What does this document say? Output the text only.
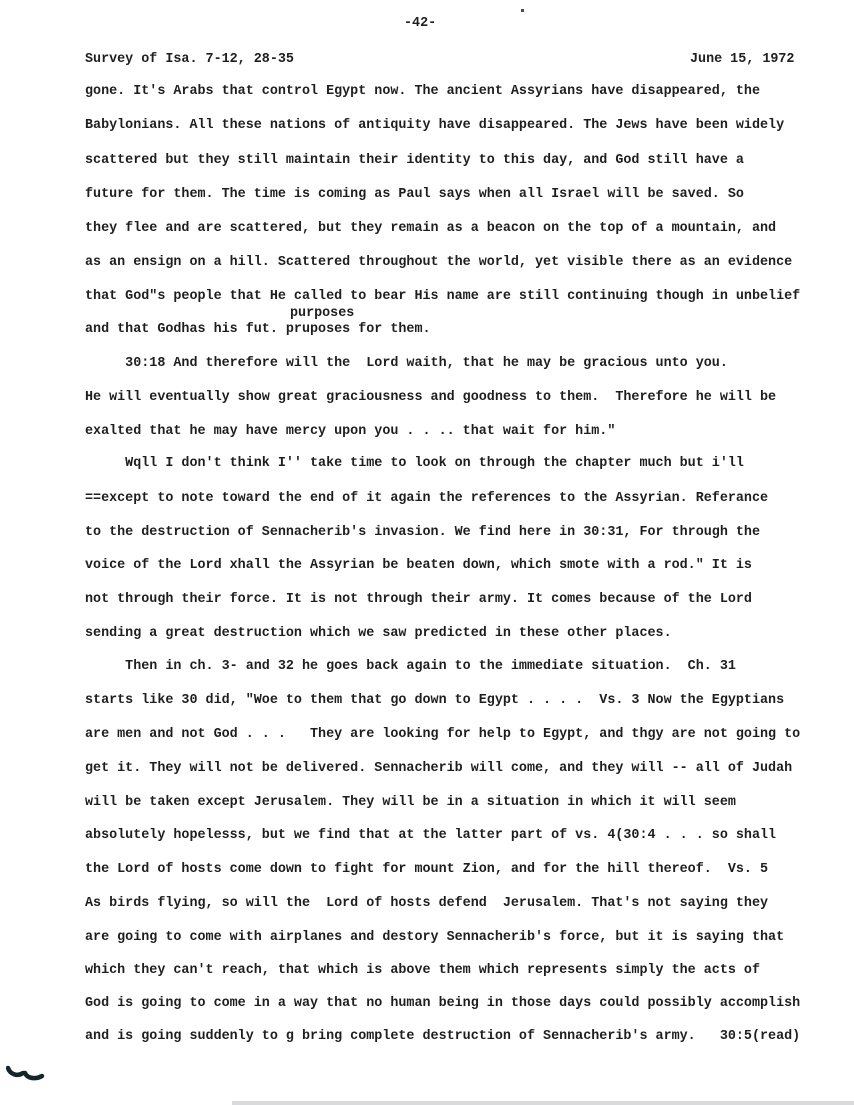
-42-
Survey of Isa. 7-12, 28-35	June 15, 1972
gone. It's Arabs that control Egypt now. The ancient Assyrians have disappeared, the
Babylonians. All these nations of antiquity have disappeared. The Jews have been widely
scattered but they still maintain their identity to this day, and God still have a
future for them. The time is coming as Paul says when all Israel will be saved. So
they flee and are scattered, but they remain as a beacon on the top of a mountain, and
as an ensign on a hill. Scattered throughout the world, yet visible there as an evidence
that God"s people that He called to bear His name are still continuing though in unbelief
purposes
and that Godhas his fut. pruposes for them.
30:18 And therefore will the  Lord waith, that he may be gracious unto you.
He will eventually show great graciousness and goodness to them.  Therefore he will be
exalted that he may have mercy upon you . . .. that wait for him."
Wqll I don't think I'' take time to look on through the chapter much but i'll
==except to note toward the end of it again the references to the Assyrian. Referance
to the destruction of Sennacherib's invasion. We find here in 30:31, For through the
voice of the Lord xhall the Assyrian be beaten down, which smote with a rod." It is
not through their force. It is not through their army. It comes because of the Lord
sending a great destruction which we saw predicted in these other places.
Then in ch. 3- and 32 he goes back again to the immediate situation.  Ch. 31
starts like 30 did, "Woe to them that go down to Egypt . . . .  Vs. 3 Now the Egyptians
are men and not God . . .   They are looking for help to Egypt, and thgy are not going to
get it. They will not be delivered. Sennacherib will come, and they will -- all of Judah
will be taken except Jerusalem. They will be in a situation in which it will seem
absolutely hopelesss, but we find that at the latter part of vs. 4(30:4 . . . so shall
the Lord of hosts come down to fight for mount Zion, and for the hill thereof.  Vs. 5
As birds flying, so will the  Lord of hosts defend  Jerusalem. That's not saying they
are going to come with airplanes and destory Sennacherib's force, but it is saying that
which they can't reach, that which is above them which represents simply the acts of
God is going to come in a way that no human being in those days could possibly accomplish
and is going suddenly to g bring complete destruction of Sennacherib's army.   30:5(read)
